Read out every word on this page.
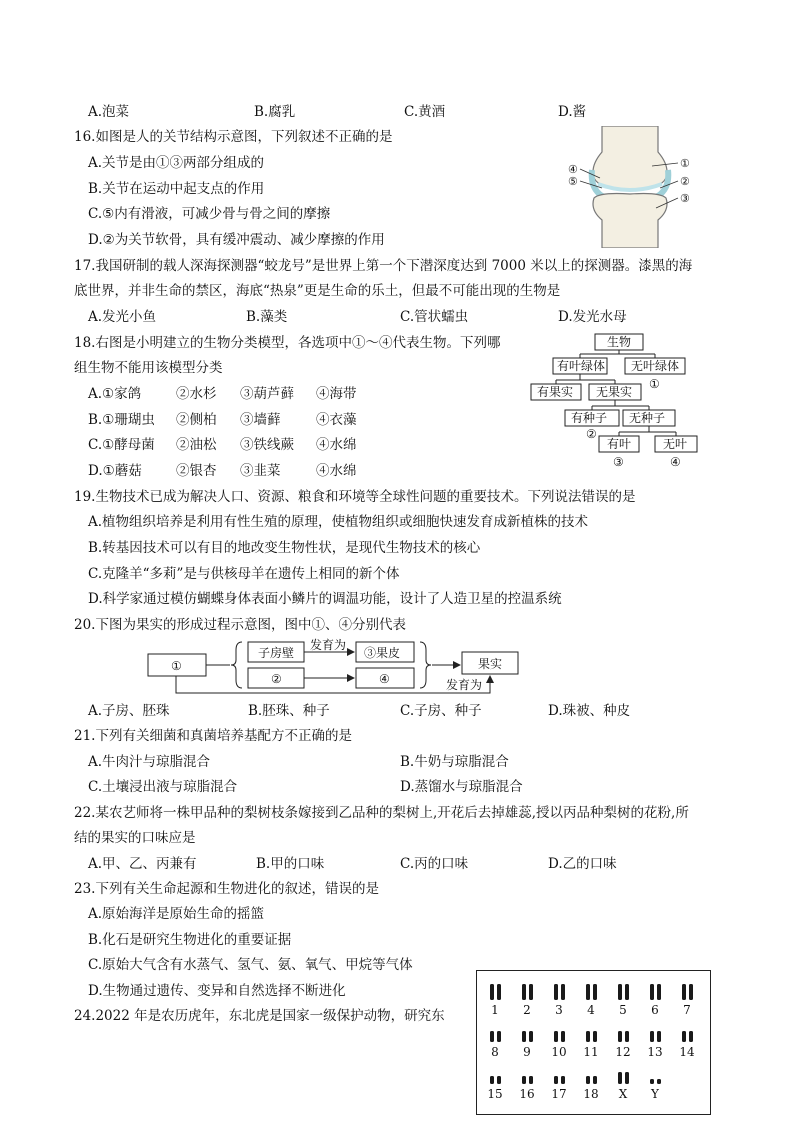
A.泡菜	B.腐乳	C.黄酒	D.酱
16.如图是人的关节结构示意图，下列叙述不正确的是
A.关节是由①③两部分组成的
B.关节在运动中起支点的作用
C.⑤内有滑液，可减少骨与骨之间的摩擦
D.②为关节软骨，具有缓冲震动、减少摩擦的作用
④
⑤
①
②
③
17.我国研制的载人深海探测器“蛟龙号”是世界上第一个下潜深度达到 7000 米以上的探测器。漆黑的海
底世界，并非生命的禁区，海底“热泉”更是生命的乐土，但最不可能出现的生物是
A.发光小鱼	B.藻类	C.管状蠕虫	D.发光水母
18.右图是小明建立的生物分类模型，各选项中①～④代表生物。下列哪
组生物不能用该模型分类
A.①家鸽	②水杉 ③葫芦藓 ④海带
B.①珊瑚虫 ②侧柏 ③墙藓	④衣藻
C.①酵母菌 ②油松 ③铁线蕨 ④水绵
D.①蘑菇	②银杏 ③韭菜	④水绵
生物
有叶绿体 无叶绿体
有果实 无果实
有种子 无种子
有叶	无叶
①
②
③	④
19.生物技术已成为解决人口、资源、粮食和环境等全球性问题的重要技术。下列说法错误的是
A.植物组织培养是利用有性生殖的原理，使植物组织或细胞快速发育成新植株的技术
B.转基因技术可以有目的地改变生物性状，是现代生物技术的核心
C.克隆羊“多莉”是与供核母羊在遗传上相同的新个体
D.科学家通过模仿蝴蝶身体表面小鳞片的调温功能，设计了人造卫星的控温系统
20.下图为果实的形成过程示意图，图中①、④分别代表
①
子房壁
发育为
③果皮
②	④
果实
发育为
A.子房、胚珠	B.胚珠、种子	C.子房、种子	D.珠被、种皮
21.下列有关细菌和真菌培养基配方不正确的是
A.牛肉汁与琼脂混合	B.牛奶与琼脂混合
C.土壤浸出液与琼脂混合	D.蒸馏水与琼脂混合
22.某农艺师将一株甲品种的梨树枝条嫁接到乙品种的梨树上,开花后去掉雄蕊,授以丙品种梨树的花粉,所
结的果实的口味应是
A.甲、乙、丙兼有	B.甲的口味	C.丙的口味	D.乙的口味
23.下列有关生命起源和生物进化的叙述，错误的是
A.原始海洋是原始生命的摇篮
B.化石是研究生物进化的重要证据
C.原始大气含有水蒸气、氢气、氨、氧气、甲烷等气体
D.生物通过遗传、变异和自然选择不断进化
24.2022 年是农历虎年，东北虎是国家一级保护动物，研究东	1 2 3 4 5 6 7
8 9 10 11 12 13 14
15 16 17 18 X Y
